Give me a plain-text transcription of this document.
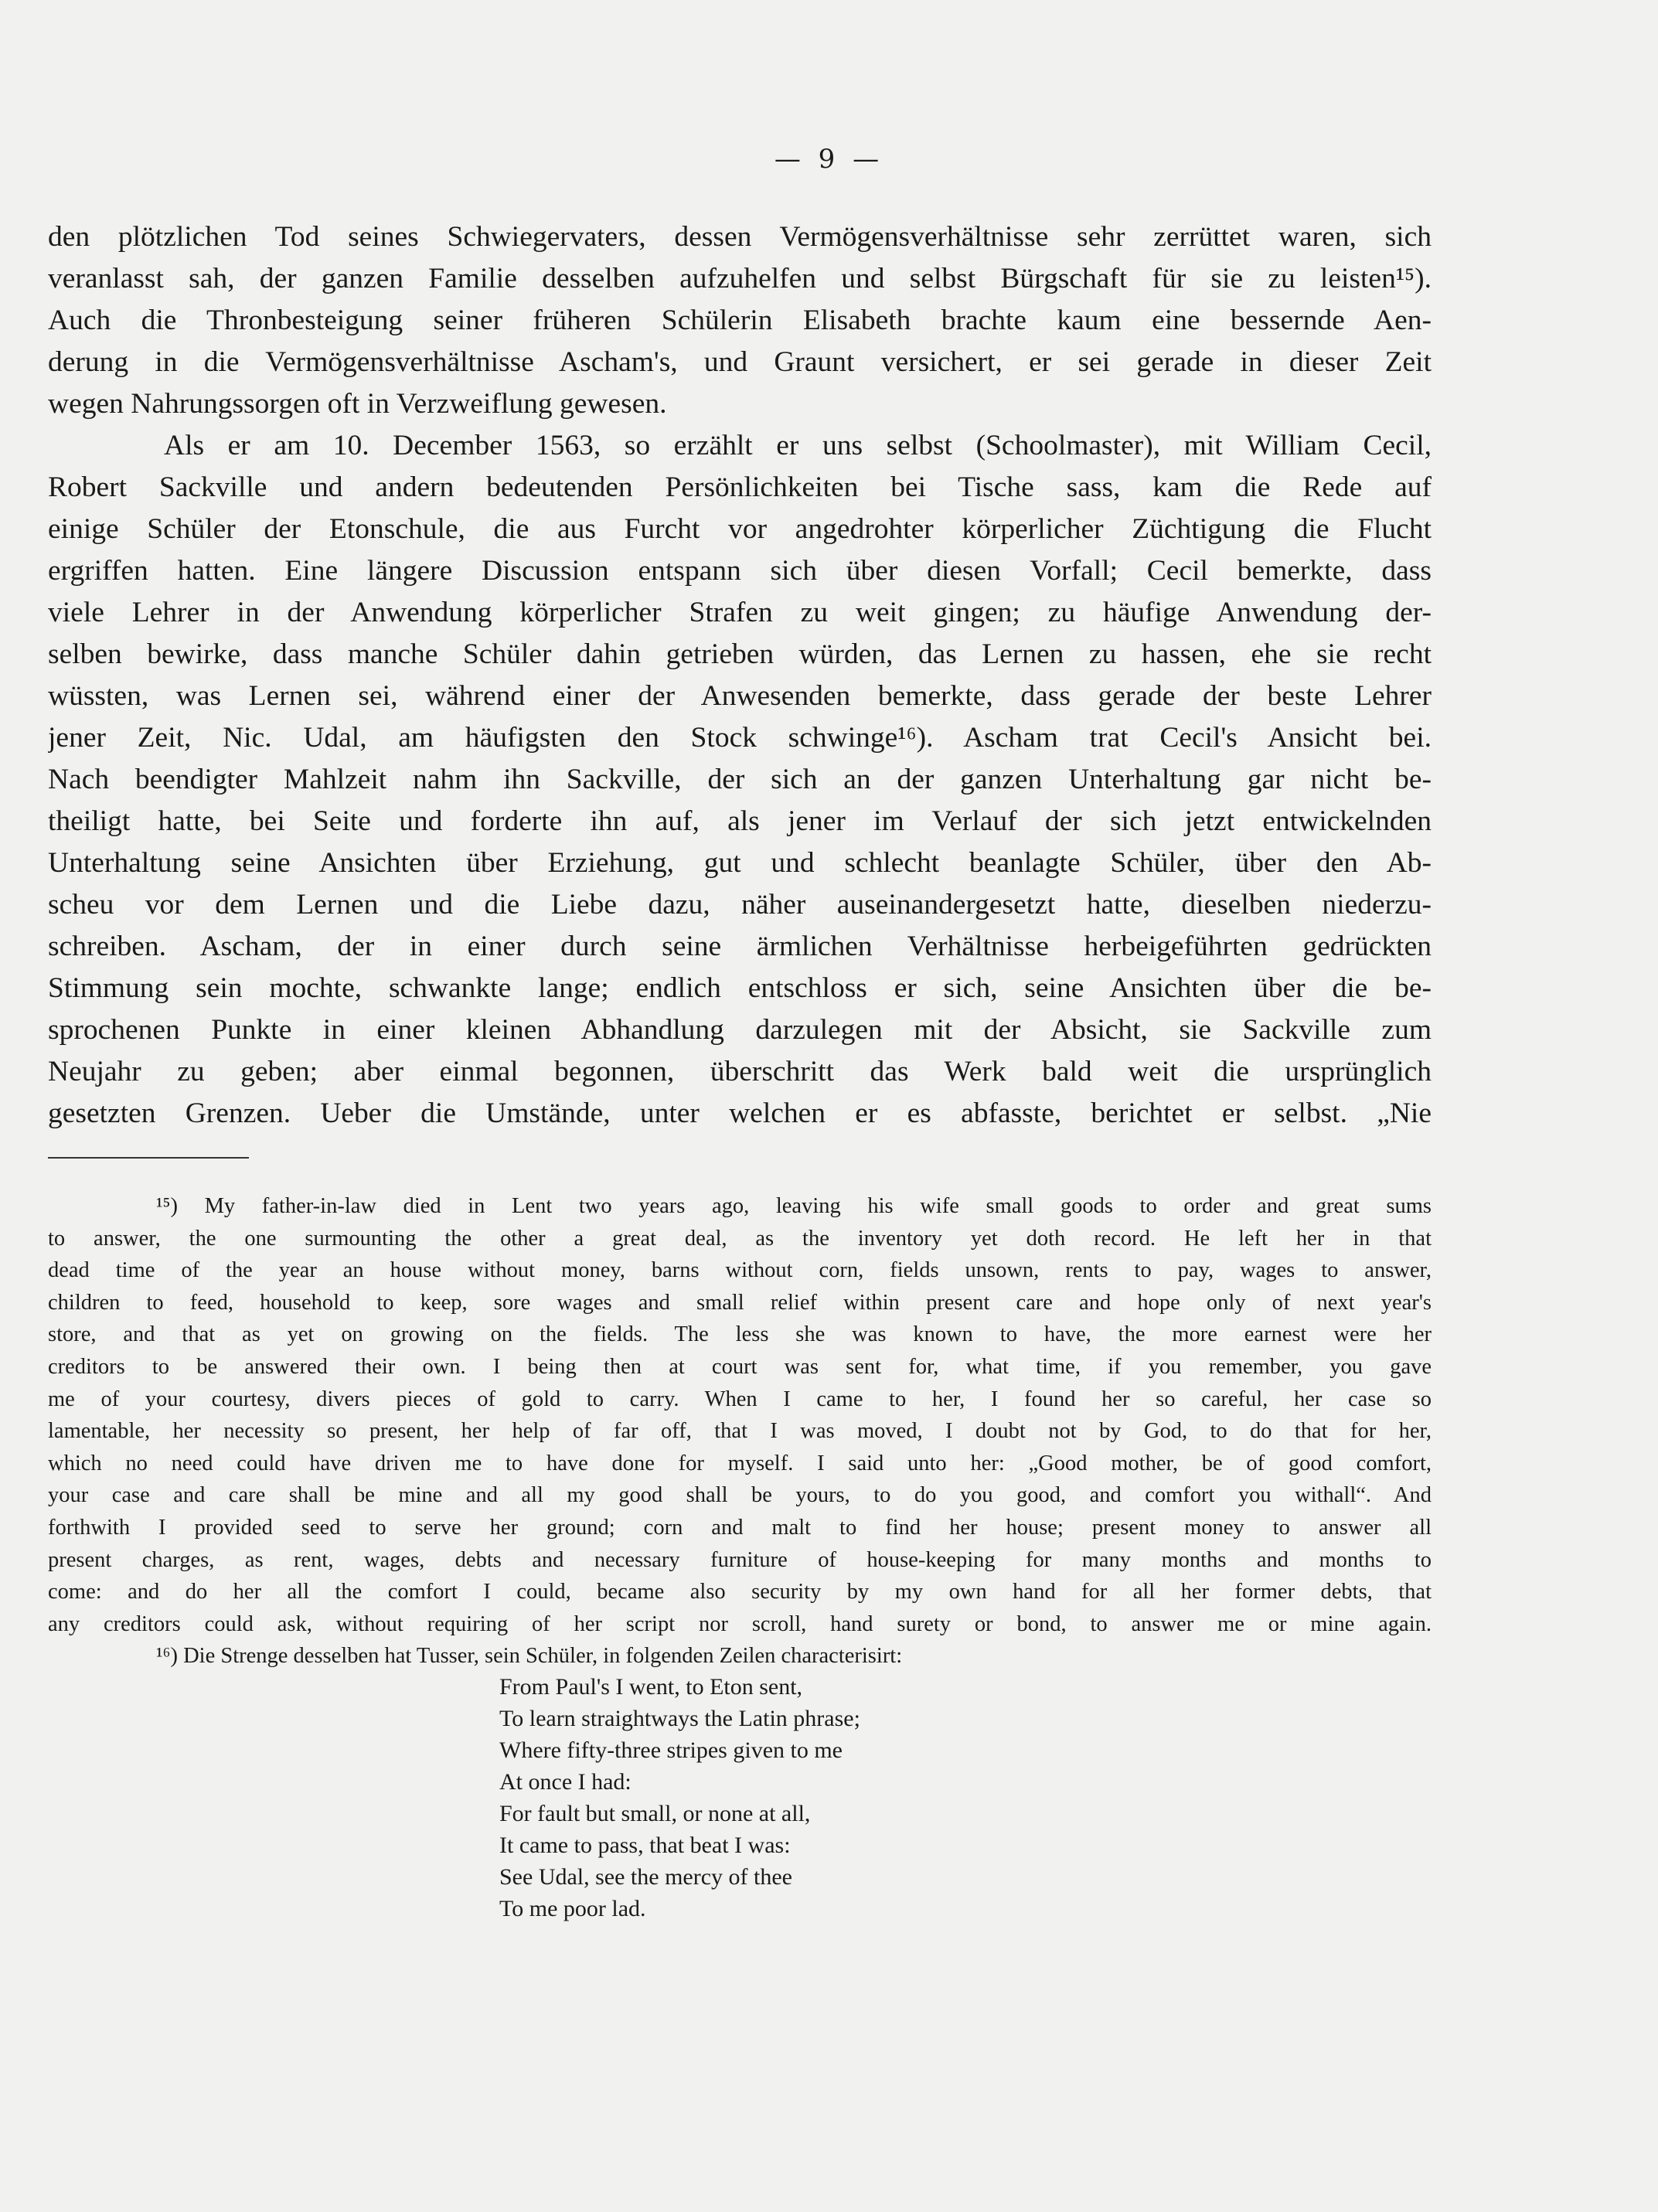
— 9 —
den plötzlichen Tod seines Schwiegervaters, dessen Vermögensverhältnisse sehr zerrüttet waren, sich
veranlasst sah, der ganzen Familie desselben aufzuhelfen und selbst Bürgschaft für sie zu leisten¹⁵).
Auch die Thronbesteigung seiner früheren Schülerin Elisabeth brachte kaum eine bessernde Aen-
derung in die Vermögensverhältnisse Ascham's, und Graunt versichert, er sei gerade in dieser Zeit
wegen Nahrungssorgen oft in Verzweiflung gewesen.
Als er am 10. December 1563, so erzählt er uns selbst (Schoolmaster), mit William Cecil,
Robert Sackville und andern bedeutenden Persönlichkeiten bei Tische sass, kam die Rede auf
einige Schüler der Etonschule, die aus Furcht vor angedrohter körperlicher Züchtigung die Flucht
ergriffen hatten. Eine längere Discussion entspann sich über diesen Vorfall; Cecil bemerkte, dass
viele Lehrer in der Anwendung körperlicher Strafen zu weit gingen; zu häufige Anwendung der-
selben bewirke, dass manche Schüler dahin getrieben würden, das Lernen zu hassen, ehe sie recht
wüssten, was Lernen sei, während einer der Anwesenden bemerkte, dass gerade der beste Lehrer
jener Zeit, Nic. Udal, am häufigsten den Stock schwinge¹⁶). Ascham trat Cecil's Ansicht bei.
Nach beendigter Mahlzeit nahm ihn Sackville, der sich an der ganzen Unterhaltung gar nicht be-
theiligt hatte, bei Seite und forderte ihn auf, als jener im Verlauf der sich jetzt entwickelnden
Unterhaltung seine Ansichten über Erziehung, gut und schlecht beanlagte Schüler, über den Ab-
scheu vor dem Lernen und die Liebe dazu, näher auseinandergesetzt hatte, dieselben niederzu-
schreiben. Ascham, der in einer durch seine ärmlichen Verhältnisse herbeigeführten gedrückten
Stimmung sein mochte, schwankte lange; endlich entschloss er sich, seine Ansichten über die be-
sprochenen Punkte in einer kleinen Abhandlung darzulegen mit der Absicht, sie Sackville zum
Neujahr zu geben; aber einmal begonnen, überschritt das Werk bald weit die ursprünglich
gesetzten Grenzen. Ueber die Umstände, unter welchen er es abfasste, berichtet er selbst. „Nie
¹⁵) My father-in-law died in Lent two years ago, leaving his wife small goods to order and great sums
to answer, the one surmounting the other a great deal, as the inventory yet doth record. He left her in that
dead time of the year an house without money, barns without corn, fields unsown, rents to pay, wages to answer,
children to feed, household to keep, sore wages and small relief within present care and hope only of next year's
store, and that as yet on growing on the fields. The less she was known to have, the more earnest were her
creditors to be answered their own. I being then at court was sent for, what time, if you remember, you gave
me of your courtesy, divers pieces of gold to carry. When I came to her, I found her so careful, her case so
lamentable, her necessity so present, her help of far off, that I was moved, I doubt not by God, to do that for her,
which no need could have driven me to have done for myself. I said unto her: „Good mother, be of good comfort,
your case and care shall be mine and all my good shall be yours, to do you good, and comfort you withall“. And
forthwith I provided seed to serve her ground; corn and malt to find her house; present money to answer all
present charges, as rent, wages, debts and necessary furniture of house-keeping for many months and months to
come: and do her all the comfort I could, became also security by my own hand for all her former debts, that
any creditors could ask, without requiring of her script nor scroll, hand surety or bond, to answer me or mine again.
¹⁶) Die Strenge desselben hat Tusser, sein Schüler, in folgenden Zeilen characterisirt:
From Paul's I went, to Eton sent,
To learn straightways the Latin phrase;
Where fifty-three stripes given to me
At once I had:
For fault but small, or none at all,
It came to pass, that beat I was:
See Udal, see the mercy of thee
To me poor lad.
